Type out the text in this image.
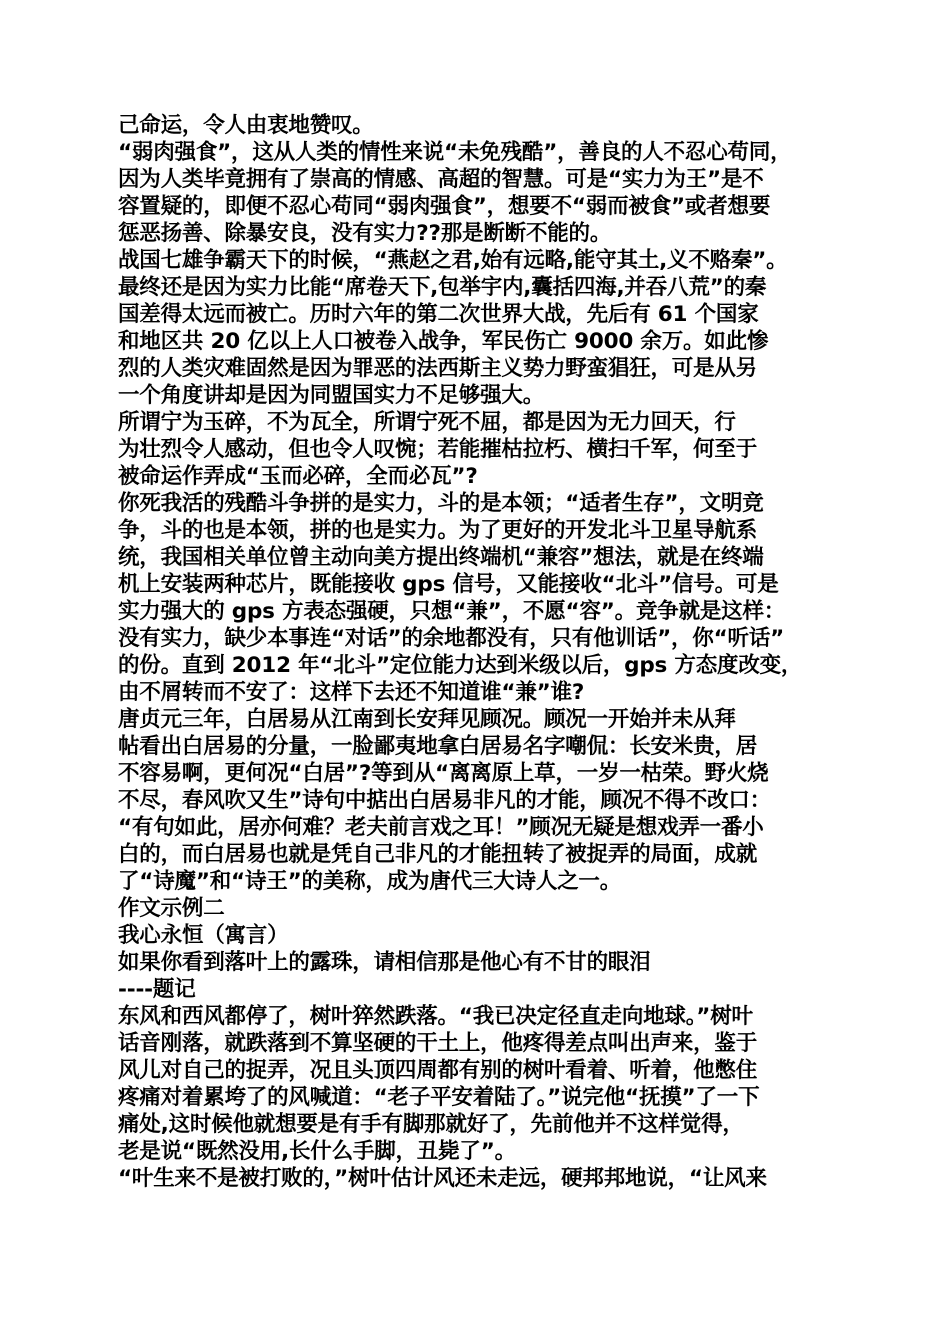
己命运，令人由衷地赞叹。
“弱肉强食”，这从人类的情性来说“未免残酷”，善良的人不忍心苟同，
因为人类毕竟拥有了崇高的情感、高超的智慧。可是“实力为王”是不
容置疑的，即便不忍心苟同“弱肉强食”，想要不“弱而被食”或者想要
惩恶扬善、除暴安良，没有实力??那是断断不能的。
战国七雄争霸天下的时候，“燕赵之君,始有远略,能守其土,义不赂秦”。
最终还是因为实力比能“席卷天下,包举宇内,囊括四海,并吞八荒”的秦
国差得太远而被亡。历时六年的第二次世界大战，先后有 61 个国家
和地区共 20 亿以上人口被卷入战争，军民伤亡 9000 余万。如此惨
烈的人类灾难固然是因为罪恶的法西斯主义势力野蛮猖狂，可是从另
一个角度讲却是因为同盟国实力不足够强大。
所谓宁为玉碎，不为瓦全，所谓宁死不屈，都是因为无力回天，行
为壮烈令人感动，但也令人叹惋；若能摧枯拉朽、横扫千军，何至于
被命运作弄成“玉而必碎，全而必瓦”?
你死我活的残酷斗争拼的是实力，斗的是本领；“适者生存”，文明竞
争，斗的也是本领，拼的也是实力。为了更好的开发北斗卫星导航系
统，我国相关单位曾主动向美方提出终端机“兼容”想法，就是在终端
机上安装两种芯片，既能接收 gps 信号，又能接收“北斗”信号。可是
实力强大的 gps 方表态强硬，只想“兼”，不愿“容”。竞争就是这样：
没有实力，缺少本事连“对话”的余地都没有，只有他训话”，你“听话”
的份。直到 2012 年“北斗”定位能力达到米级以后，gps 方态度改变，
由不屑转而不安了：这样下去还不知道谁“兼”谁?
唐贞元三年，白居易从江南到长安拜见顾况。顾况一开始并未从拜
帖看出白居易的分量，一脸鄙夷地拿白居易名字嘲侃：长安米贵，居
不容易啊，更何况“白居”?等到从“离离原上草，一岁一枯荣。野火烧
不尽，春风吹又生”诗句中掂出白居易非凡的才能，顾况不得不改口：
“有句如此，居亦何难？老夫前言戏之耳！”顾况无疑是想戏弄一番小
白的，而白居易也就是凭自己非凡的才能扭转了被捉弄的局面，成就
了“诗魔”和“诗王”的美称，成为唐代三大诗人之一。
作文示例二
我心永恒（寓言）
如果你看到落叶上的露珠，请相信那是他心有不甘的眼泪
----题记
东风和西风都停了，树叶猝然跌落。“我已决定径直走向地球。”树叶
话音刚落，就跌落到不算坚硬的干土上，他疼得差点叫出声来，鉴于
风儿对自己的捉弄，况且头顶四周都有别的树叶看着、听着，他憋住
疼痛对着累垮了的风喊道：“老子平安着陆了。”说完他“抚摸”了一下
痛处,这时候他就想要是有手有脚那就好了，先前他并不这样觉得，
老是说“既然没用,长什么手脚，丑毙了”。
“叶生来不是被打败的，”树叶估计风还未走远，硬邦邦地说，“让风来
